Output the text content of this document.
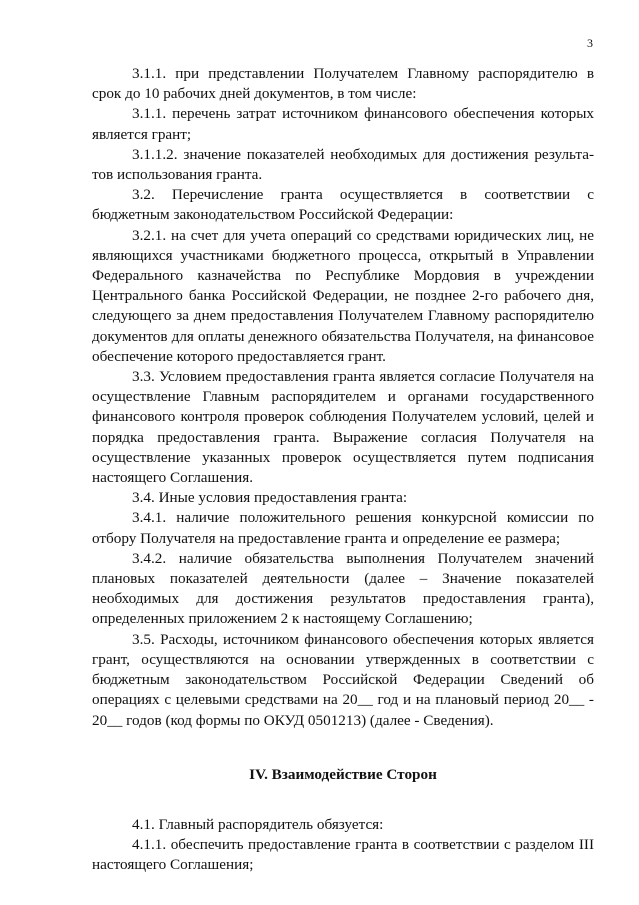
3

3.1.1. при представлении Получателем Главному распорядителю в срок до 10 рабочих дней документов, в том числе:

3.1.1. перечень затрат источником финансового обеспечения которых является грант;

3.1.1.2. значение показателей необходимых для достижения результатов использования гранта.

3.2. Перечисление гранта осуществляется в соответствии с бюджетным законодательством Российской Федерации:

3.2.1. на счет для учета операций со средствами юридических лиц, не являющихся участниками бюджетного процесса, открытый в Управлении Федерального казначейства по Республике Мордовия в учреждении Центрального банка Российской Федерации, не позднее 2-го рабочего дня, следующего за днем предоставления Получателем Главному распорядителю документов для оплаты денежного обязательства Получателя, на финансовое обеспечение которого предоставляется грант.

3.3. Условием предоставления гранта является согласие Получателя на осуществление Главным распорядителем и органами государственного финансового контроля проверок соблюдения Получателем условий, целей и порядка предоставления гранта. Выражение согласия Получателя на осуществление указанных проверок осуществляется путем подписания настоящего Соглашения.

3.4. Иные условия предоставления гранта:

3.4.1. наличие положительного решения конкурсной комиссии по отбору Получателя на предоставление гранта и определение ее размера;

3.4.2. наличие обязательства выполнения Получателем значений плановых показателей деятельности (далее – Значение показателей необходимых для достижения результатов предоставления гранта), определенных приложением 2 к настоящему Соглашению;

3.5. Расходы, источником финансового обеспечения которых является грант, осуществляются на основании утвержденных в соответствии с бюджетным законодательством Российской Федерации Сведений об операциях с целевыми средствами на 20__ год и на плановый период 20__ - 20__ годов (код формы по ОКУД 0501213) (далее - Сведения).

IV. Взаимодействие Сторон

4.1. Главный распорядитель обязуется:

4.1.1. обеспечить предоставление гранта в соответствии с разделом III настоящего Соглашения;
